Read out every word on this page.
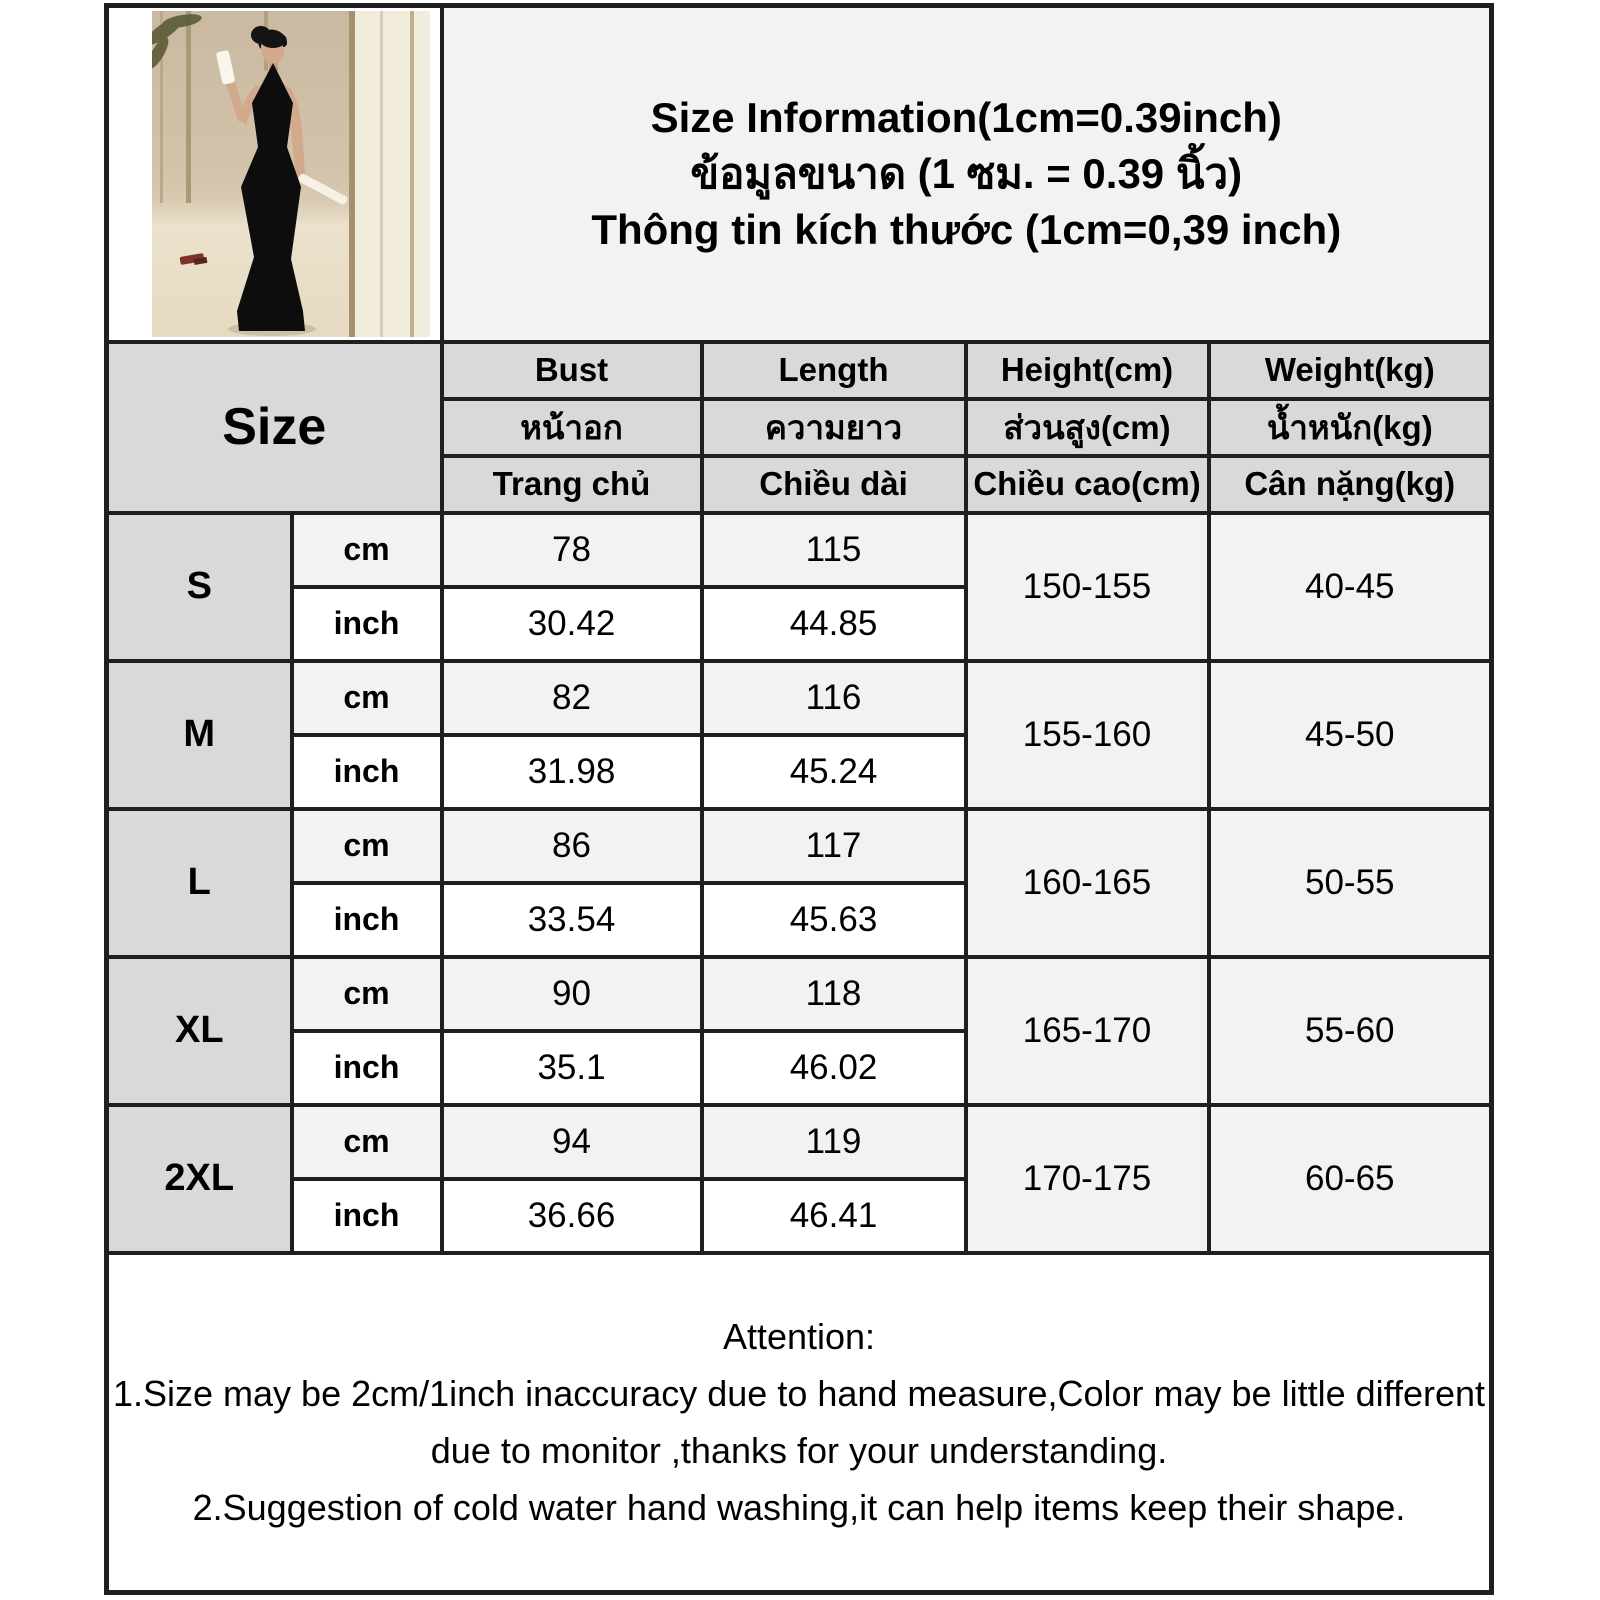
Size Information(1cm=0.39inch)
ข้อมูลขนาด (1 ซม. = 0.39 นิ้ว)
Thông tin kích thước (1cm=0,39 inch)			

Size		Bust	Length	Height(cm)	Weight(kg)
		หน้าอก	ความยาว	ส่วนสูง(cm)	น้ำหนัก(kg)
		Trang chủ	Chiều dài	Chiều cao(cm)	Cân nặng(kg)
S	cm	78	115	150-155	40-45
	inch	30.42	44.85		
M	cm	82	116	155-160	45-50
	inch	31.98	45.24		
L	cm	86	117	160-165	50-55
	inch	33.54	45.63		
XL	cm	90	118	165-170	55-60
	inch	35.1	46.02		
2XL	cm	94	119	170-175	60-65
	inch	36.66	46.41		

Attention:

1.Size may be 2cm/1inch inaccuracy due to hand measure,Color may be little different due to monitor ,thanks for your understanding.

2.Suggestion of cold water hand washing,it can help items keep their shape.					
